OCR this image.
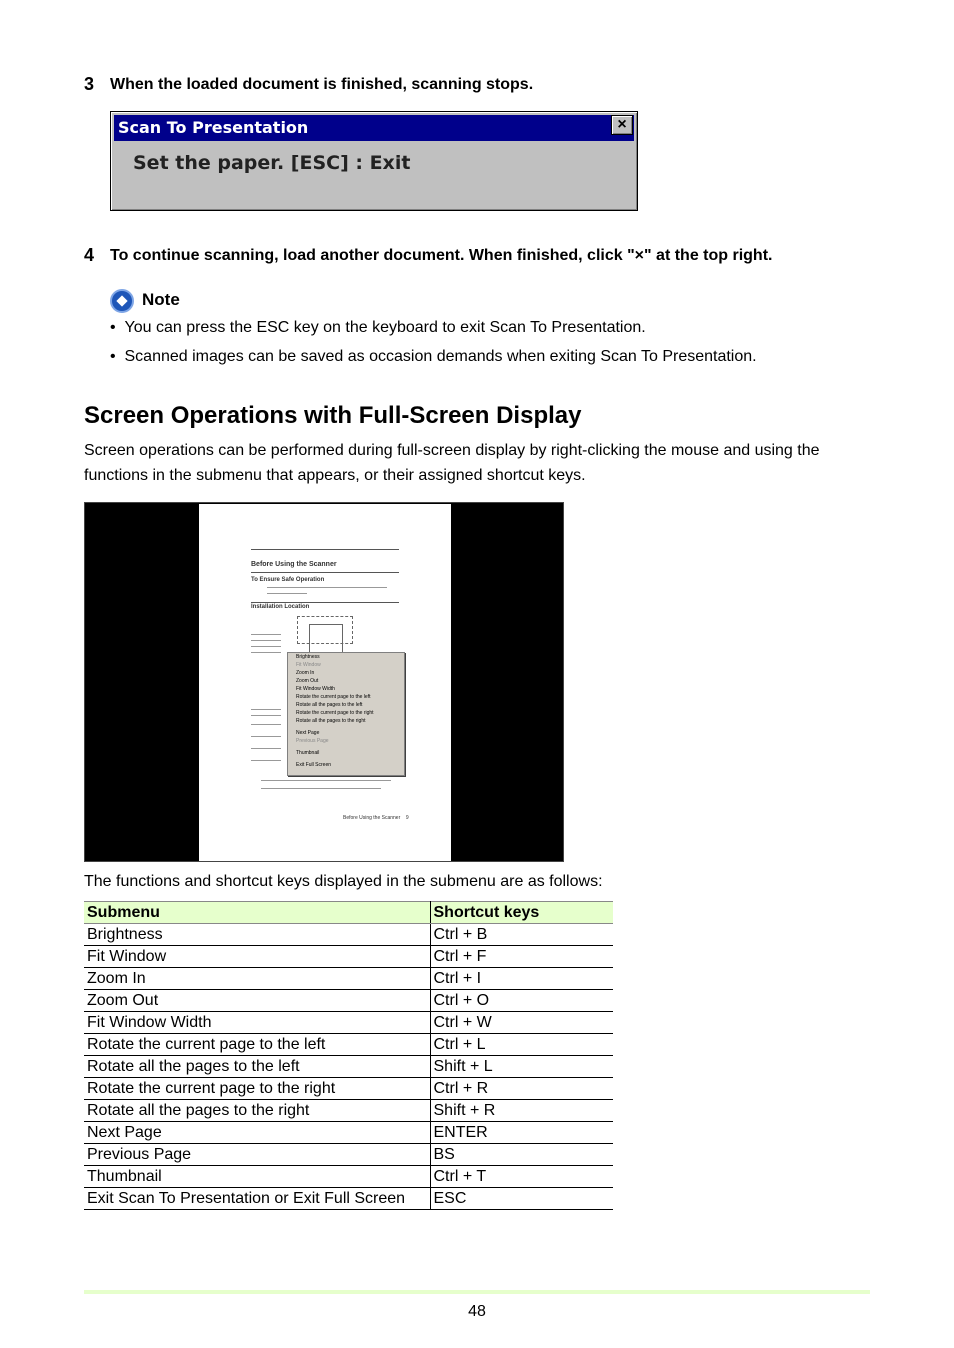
3 When the loaded document is finished, scanning stops.
Scan To Presentation	×
Set the paper. [ESC] : Exit
4 To continue scanning, load another document. When finished, click "×" at the top right.
Note
•  You can press the ESC key on the keyboard to exit Scan To Presentation.
•  Scanned images can be saved as occasion demands when exiting Scan To Presentation.
Screen Operations with Full-Screen Display
Screen operations can be performed during full-screen display by right-clicking the mouse and using the functions in the submenu that appears, or their assigned shortcut keys.
Before Using the Scanner
To Ensure Safe Operation
Installation Location
Before Using the Scanner 9
Brightness
Fit Window
Zoom In
Zoom Out
Fit Window Width
Rotate the current page to the left
Rotate all the pages to the left
Rotate the current page to the right
Rotate all the pages to the right
Next Page
Previous Page
Thumbnail
Exit Full Screen
The functions and shortcut keys displayed in the submenu are as follows:
Submenu	Shortcut keys
Brightness	Ctrl + B
Fit Window	Ctrl + F
Zoom In	Ctrl + I
Zoom Out	Ctrl + O
Fit Window Width	Ctrl + W
Rotate the current page to the left	Ctrl + L
Rotate all the pages to the left	Shift + L
Rotate the current page to the right	Ctrl + R
Rotate all the pages to the right	Shift + R
Next Page	ENTER
Previous Page	BS
Thumbnail	Ctrl + T
Exit Scan To Presentation or Exit Full Screen	ESC
48
